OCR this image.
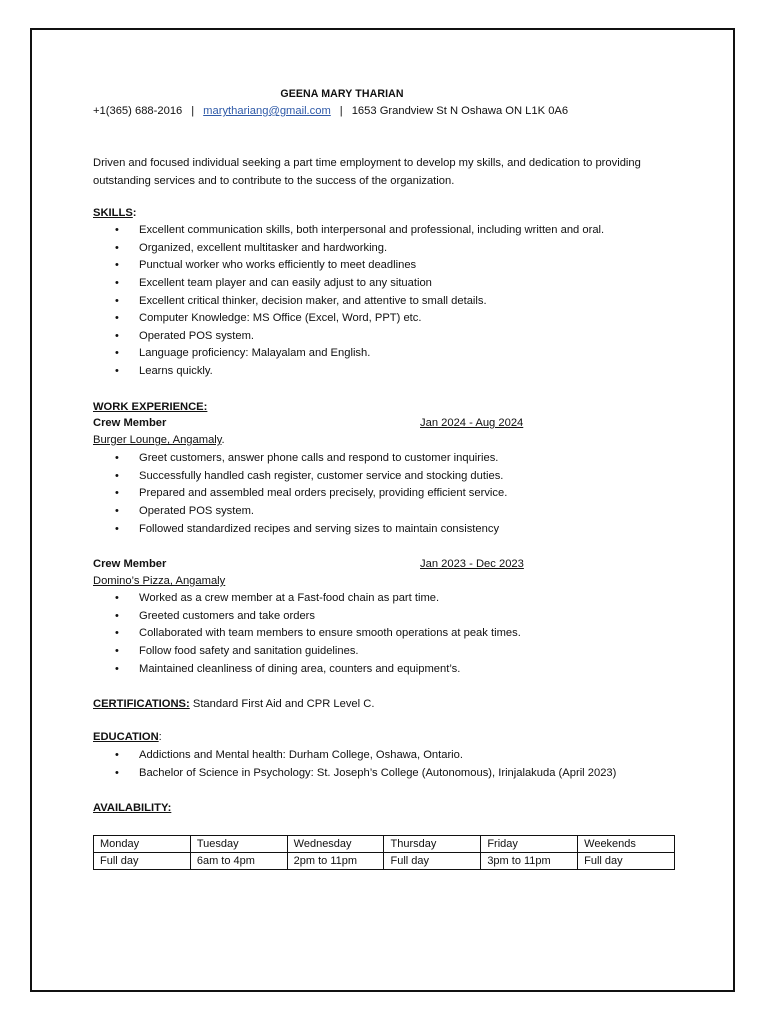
GEENA MARY THARIAN
+1(365) 688-2016 | marythariang@gmail.com | 1653 Grandview St N Oshawa ON L1K 0A6
Driven and focused individual seeking a part time employment to develop my skills, and dedication to providing outstanding services and to contribute to the success of the organization.
SKILLS:
• Excellent communication skills, both interpersonal and professional, including written and oral.
• Organized, excellent multitasker and hardworking.
• Punctual worker who works efficiently to meet deadlines
• Excellent team player and can easily adjust to any situation
• Excellent critical thinker, decision maker, and attentive to small details.
• Computer Knowledge: MS Office (Excel, Word, PPT) etc.
• Operated POS system.
• Language proficiency: Malayalam and English.
• Learns quickly.
WORK EXPERIENCE:
Crew Member	Jan 2024 - Aug 2024
Burger Lounge, Angamaly.
• Greet customers, answer phone calls and respond to customer inquiries.
• Successfully handled cash register, customer service and stocking duties.
• Prepared and assembled meal orders precisely, providing efficient service.
• Operated POS system.
• Followed standardized recipes and serving sizes to maintain consistency
Crew Member	Jan 2023 - Dec 2023
Domino’s Pizza, Angamaly
• Worked as a crew member at a Fast-food chain as part time.
• Greeted customers and take orders
• Collaborated with team members to ensure smooth operations at peak times.
• Follow food safety and sanitation guidelines.
• Maintained cleanliness of dining area, counters and equipment’s.
CERTIFICATIONS: Standard First Aid and CPR Level C.
EDUCATION:
• Addictions and Mental health: Durham College, Oshawa, Ontario.
• Bachelor of Science in Psychology: St. Joseph’s College (Autonomous), Irinjalakuda (April 2023)
AVAILABILITY:
Monday	Tuesday	Wednesday	Thursday	Friday	Weekends
Full day	6am to 4pm	2pm to 11pm	Full day	3pm to 11pm	Full day
